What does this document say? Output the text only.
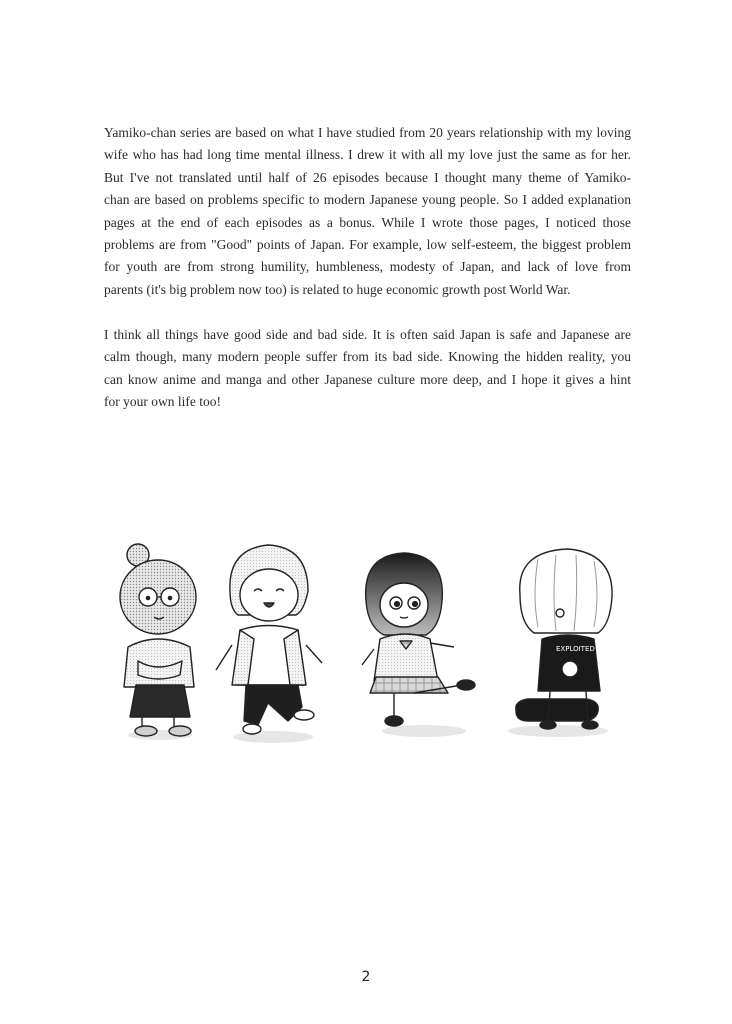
Yamiko-chan series are based on what I have studied from 20 years relationship with my loving
wife who has had long time mental illness. I drew it with all my love just the same as for her.
But I've not translated until half of 26 episodes because I thought many theme of Yamiko-
chan are based on problems specific to modern Japanese young people. So I added explanation
pages at the end of each episodes as a bonus. While I wrote those pages, I noticed those
problems are from "Good" points of Japan. For example, low self-esteem, the biggest problem
for youth are from strong humility, humbleness, modesty of Japan, and lack of love from
parents (it's big problem now too) is related to huge economic growth post World War.

I think all things have good side and bad side. It is often said Japan is safe and Japanese are
calm though, many modern people suffer from its bad side. Knowing the hidden reality, you
can know anime and manga and other Japanese culture more deep, and I hope it gives a hint
for your own life too!

EXPLOITED
2
